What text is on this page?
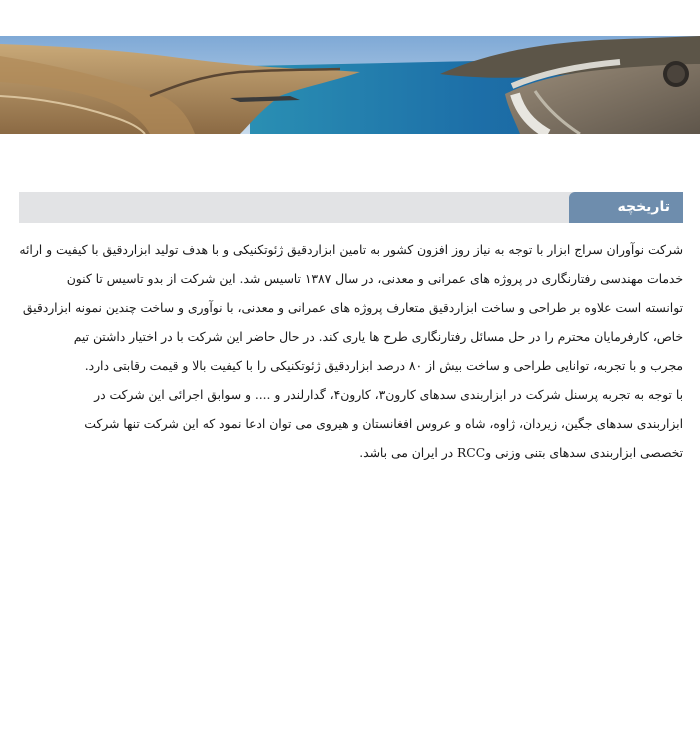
تاریخچه
شرکت نوآوران سراج ابزار با توجه به نیاز روز افزون کشور به تامین ابزاردقیق ژئوتکنیکی و با هدف تولید ابزاردقیق با کیفیت و ارائه
خدمات مهندسی رفتارنگاری در پروژه های عمرانی و معدنی، در سال ۱۳۸۷ تاسیس شد. این شرکت از بدو تاسیس تا کنون
توانسته است علاوه بر طراحی و ساخت ابزاردقیق متعارف پروژه های عمرانی و معدنی، با نوآوری و ساخت چندین نمونه ابزاردقیق
خاص، کارفرمایان محترم را در حل مسائل رفتارنگاری طرح ها یاری کند. در حال حاضر این شرکت با در اختیار داشتن تیم
مجرب و با تجربه، توانایی طراحی و ساخت بیش از ۸۰ درصد ابزاردقیق ژئوتکنیکی را با کیفیت بالا و قیمت رقابتی دارد.
با توجه به تجربه پرسنل شرکت در ابزاربندی سدهای کارون۳، کارون۴، گدارلندر و .... و سوابق اجرائی این شرکت در
ابزاربندی سدهای جگین، زیردان، ژاوه، شاه و عروس افغانستان و هیروی می توان ادعا نمود که این شرکت تنها شرکت
تخصصی ابزاربندی سدهای بتنی وزنی وRCC در ایران می باشد.
